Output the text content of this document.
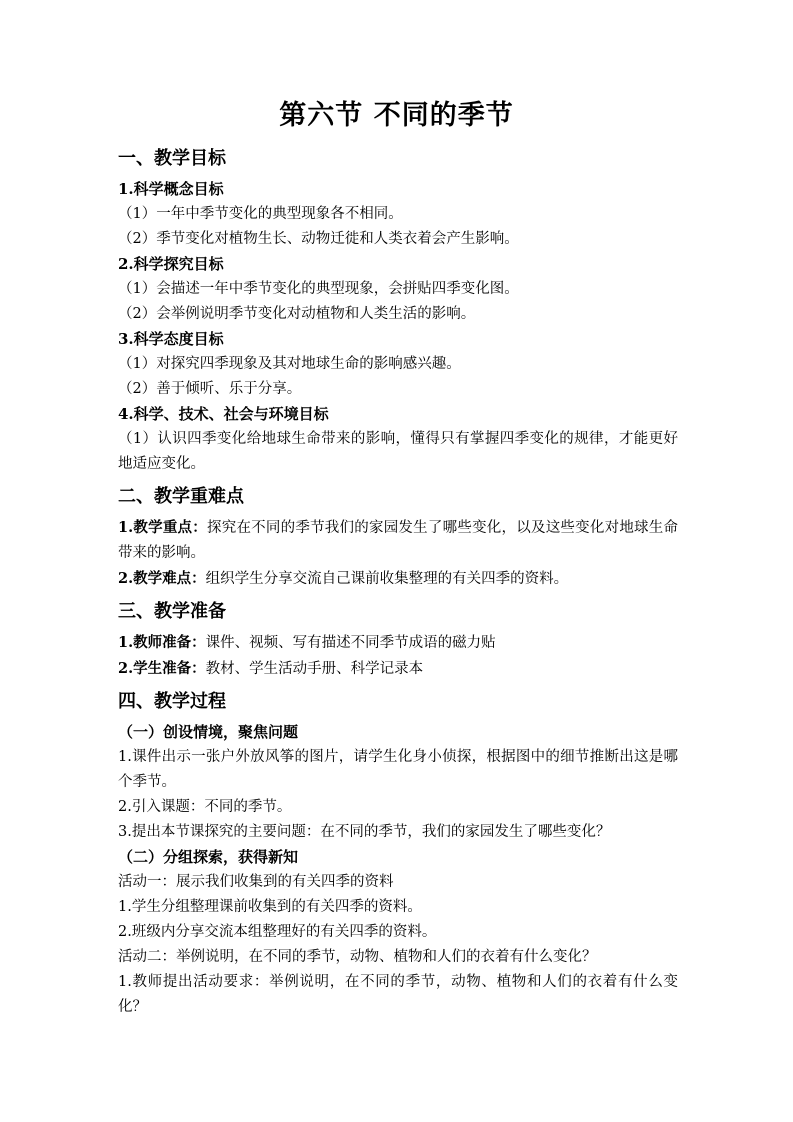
第六节 不同的季节
一、教学目标
1.科学概念目标
（1）一年中季节变化的典型现象各不相同。
（2）季节变化对植物生长、动物迁徙和人类衣着会产生影响。
2.科学探究目标
（1）会描述一年中季节变化的典型现象，会拼贴四季变化图。
（2）会举例说明季节变化对动植物和人类生活的影响。
3.科学态度目标
（1）对探究四季现象及其对地球生命的影响感兴趣。
（2）善于倾听、乐于分享。
4.科学、技术、社会与环境目标
（1）认识四季变化给地球生命带来的影响，懂得只有掌握四季变化的规律，才能更好地适应变化。
二、教学重难点
1.教学重点：探究在不同的季节我们的家园发生了哪些变化，以及这些变化对地球生命带来的影响。
2.教学难点：组织学生分享交流自己课前收集整理的有关四季的资料。
三、教学准备
1.教师准备：课件、视频、写有描述不同季节成语的磁力贴
2.学生准备：教材、学生活动手册、科学记录本
四、教学过程
（一）创设情境，聚焦问题
1.课件出示一张户外放风筝的图片，请学生化身小侦探，根据图中的细节推断出这是哪个季节。
2.引入课题：不同的季节。
3.提出本节课探究的主要问题：在不同的季节，我们的家园发生了哪些变化？
（二）分组探索，获得新知
活动一：展示我们收集到的有关四季的资料
1.学生分组整理课前收集到的有关四季的资料。
2.班级内分享交流本组整理好的有关四季的资料。
活动二：举例说明，在不同的季节，动物、植物和人们的衣着有什么变化？
1.教师提出活动要求：举例说明，在不同的季节，动物、植物和人们的衣着有什么变化？
